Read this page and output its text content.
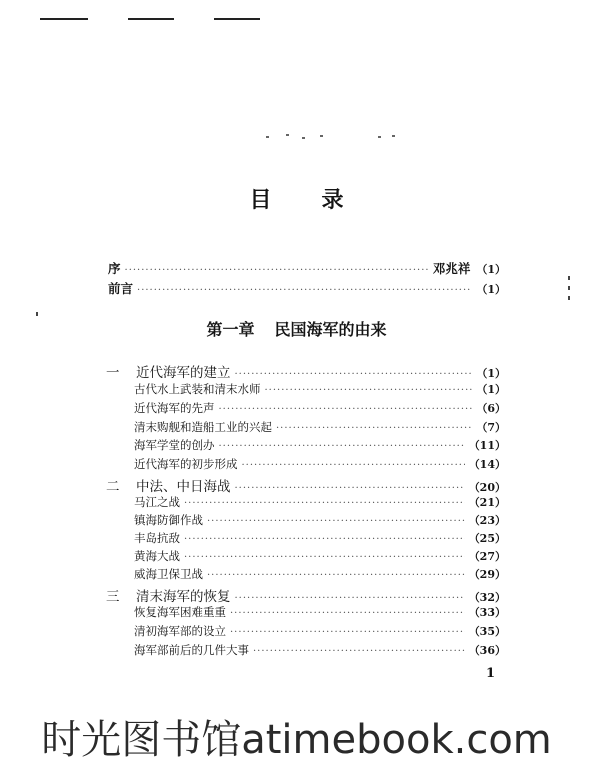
目录
序 ·····	邓兆祥 （1）
前言 ·····	（1）
第一章 民国海军的由来
一 近代海军的建立 ·····	（1）
古代水上武装和清末水师 ·····	（1）
近代海军的先声 ·····	（6）
清末购舰和造船工业的兴起 ·····	（7）
海军学堂的创办 ·····	（11）
近代海军的初步形成 ·····	（14）
二 中法、中日海战 ·····	（20）
马江之战 ·····	（21）
镇海防御作战 ·····	（23）
丰岛抗敌 ·····	（25）
黄海大战 ·····	（27）
威海卫保卫战 ·····	（29）
三 清末海军的恢复 ·····	（32）
恢复海军困难重重 ·····	（33）
清初海军部的设立 ·····	（35）
海军部前后的几件大事 ·····	（36）
1
时光图书馆atimebook.com
